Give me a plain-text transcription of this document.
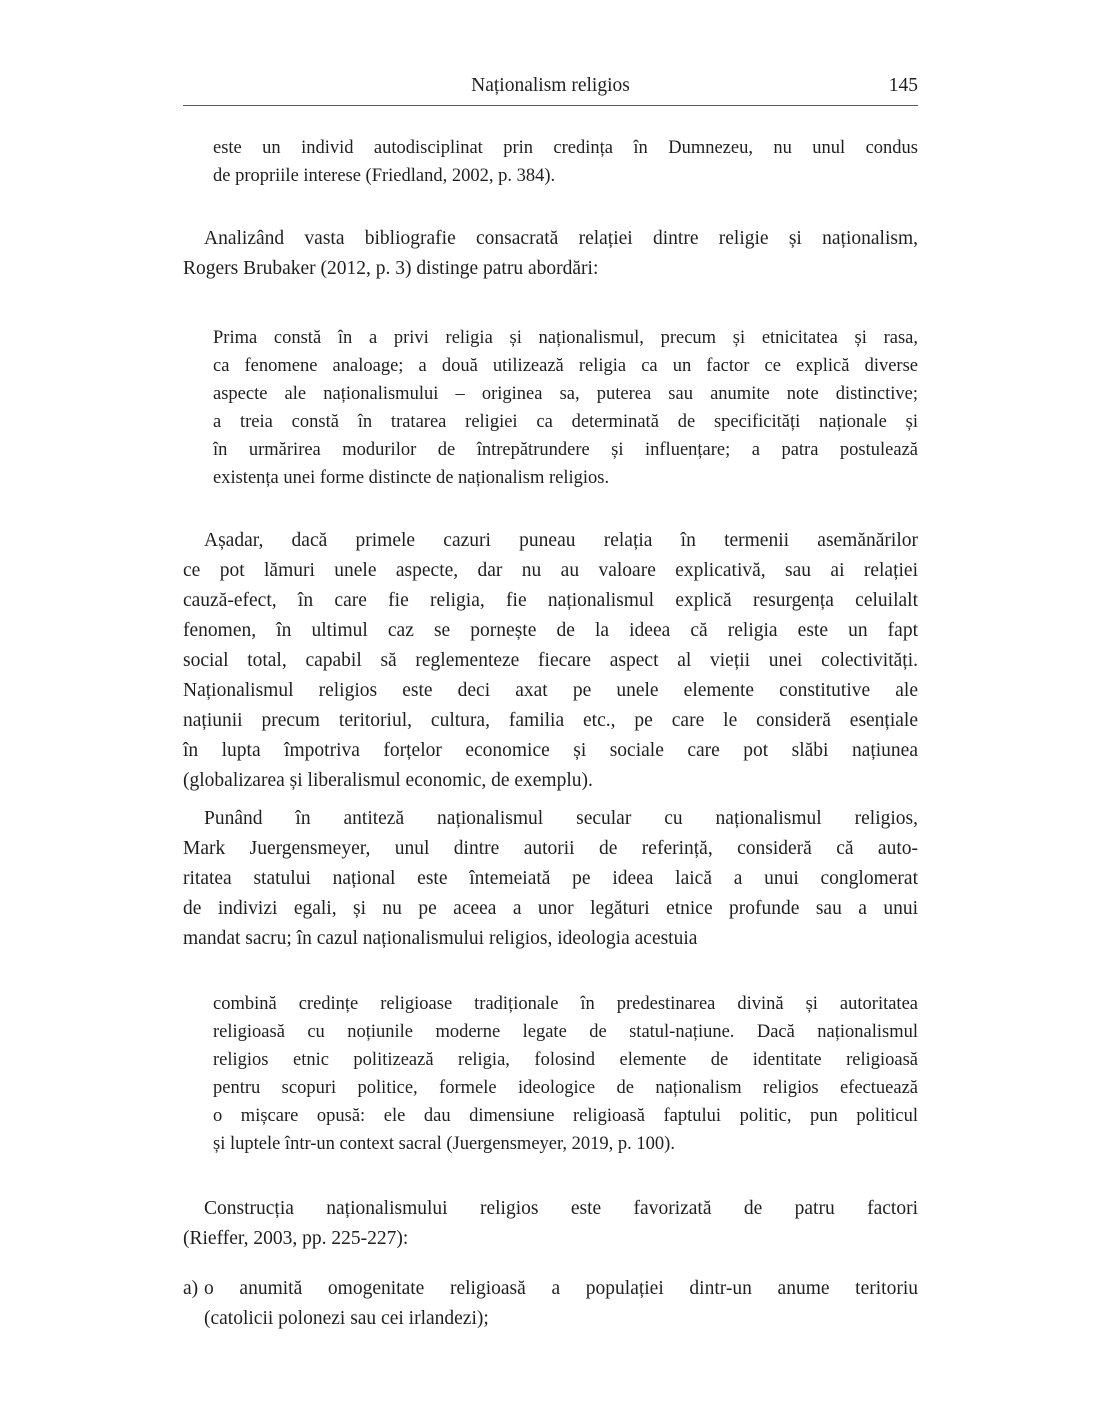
Naționalism religios	145
este un individ autodisciplinat prin credința în Dumnezeu, nu unul condus
de propriile interese (Friedland, 2002, p. 384).
Analizând vasta bibliografie consacrată relației dintre religie și naționalism,
Rogers Brubaker (2012, p. 3) distinge patru abordări:
Prima constă în a privi religia și naționalismul, precum și etnicitatea și rasa,
ca fenomene analoage; a două utilizează religia ca un factor ce explică diverse
aspecte ale naționalismului – originea sa, puterea sau anumite note distinctive;
a treia constă în tratarea religiei ca determinată de specificități naționale și
în urmărirea modurilor de întrepătrundere și influențare; a patra postulează
existența unei forme distincte de naționalism religios.
Așadar, dacă primele cazuri puneau relația în termenii asemănărilor
ce pot lămuri unele aspecte, dar nu au valoare explicativă, sau ai relației
cauză-efect, în care fie religia, fie naționalismul explică resurgența celuilalt
fenomen, în ultimul caz se pornește de la ideea că religia este un fapt
social total, capabil să reglementeze fiecare aspect al vieții unei colectivități.
Naționalismul religios este deci axat pe unele elemente constitutive ale
națiunii precum teritoriul, cultura, familia etc., pe care le consideră esențiale
în lupta împotriva forțelor economice și sociale care pot slăbi națiunea
(globalizarea și liberalismul economic, de exemplu).
Punând în antiteză naționalismul secular cu naționalismul religios,
Mark Juergensmeyer, unul dintre autorii de referință, consideră că auto-
ritatea statului național este întemeiată pe ideea laică a unui conglomerat
de indivizi egali, și nu pe aceea a unor legături etnice profunde sau a unui
mandat sacru; în cazul naționalismului religios, ideologia acestuia
combină credințe religioase tradiționale în predestinarea divină și autoritatea
religioasă cu noțiunile moderne legate de statul-națiune. Dacă naționalismul
religios etnic politizează religia, folosind elemente de identitate religioasă
pentru scopuri politice, formele ideologice de naționalism religios efectuează
o mișcare opusă: ele dau dimensiune religioasă faptului politic, pun politicul
și luptele într-un context sacral (Juergensmeyer, 2019, p. 100).
Construcția naționalismului religios este favorizată de patru factori
(Rieffer, 2003, pp. 225-227):
a) o anumită omogenitate religioasă a populației dintr-un anume teritoriu
(catolicii polonezi sau cei irlandezi);
